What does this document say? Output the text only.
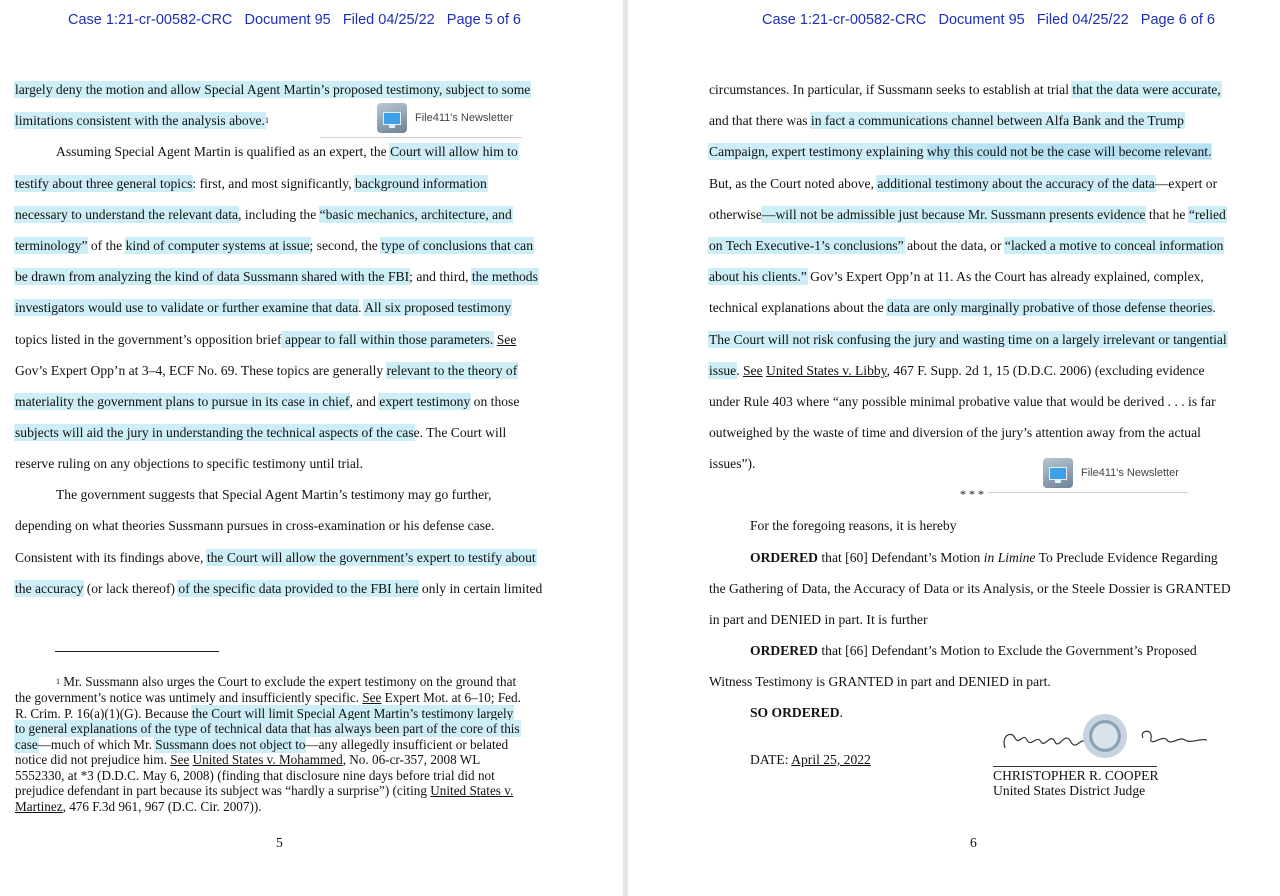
Case 1:21-cr-00582-CRC   Document 95   Filed 04/25/22   Page 5 of 6
largely deny the motion and allow Special Agent Martin’s proposed testimony, subject to some
limitations consistent with the analysis above.$^1$
Assuming Special Agent Martin is qualified as an expert, the Court will allow him to
testify about three general topics: first, and most significantly, background information
necessary to understand the relevant data, including the “basic mechanics, architecture, and
terminology” of the kind of computer systems at issue; second, the type of conclusions that can
be drawn from analyzing the kind of data Sussmann shared with the FBI; and third, the methods
investigators would use to validate or further examine that data. All six proposed testimony
topics listed in the government’s opposition brief appear to fall within those parameters. See
Gov’s Expert Opp’n at 3–4, ECF No. 69. These topics are generally relevant to the theory of
materiality the government plans to pursue in its case in chief, and expert testimony on those
subjects will aid the jury in understanding the technical aspects of the case. The Court will
reserve ruling on any objections to specific testimony until trial.
The government suggests that Special Agent Martin’s testimony may go further,
depending on what theories Sussmann pursues in cross-examination or his defense case.
Consistent with its findings above, the Court will allow the government’s expert to testify about
the accuracy (or lack thereof) of the specific data provided to the FBI here only in certain limited
File411's Newsletter
$^1$ Mr. Sussmann also urges the Court to exclude the expert testimony on the ground that
the government’s notice was untimely and insufficiently specific. See Expert Mot. at 6–10; Fed.
R. Crim. P. 16(a)(1)(G). Because the Court will limit Special Agent Martin’s testimony largely
to general explanations of the type of technical data that has always been part of the core of this
case—much of which Mr. Sussmann does not object to—any allegedly insufficient or belated
notice did not prejudice him. See United States v. Mohammed, No. 06-cr-357, 2008 WL
5552330, at *3 (D.D.C. May 6, 2008) (finding that disclosure nine days before trial did not
prejudice defendant in part because its subject was “hardly a surprise”) (citing United States v.
Martinez, 476 F.3d 961, 967 (D.C. Cir. 2007)).
5
Case 1:21-cr-00582-CRC   Document 95   Filed 04/25/22   Page 6 of 6
circumstances. In particular, if Sussmann seeks to establish at trial that the data were accurate,
and that there was in fact a communications channel between Alfa Bank and the Trump
Campaign, expert testimony explaining why this could not be the case will become relevant.
But, as the Court noted above, additional testimony about the accuracy of the data—expert or
otherwise—will not be admissible just because Mr. Sussmann presents evidence that he “relied
on Tech Executive-1’s conclusions” about the data, or “lacked a motive to conceal information
about his clients.” Gov’s Expert Opp’n at 11. As the Court has already explained, complex,
technical explanations about the data are only marginally probative of those defense theories.
The Court will not risk confusing the jury and wasting time on a largely irrelevant or tangential
issue. See United States v. Libby, 467 F. Supp. 2d 1, 15 (D.D.C. 2006) (excluding evidence
under Rule 403 where “any possible minimal probative value that would be derived . . . is far
outweighed by the waste of time and diversion of the jury’s attention away from the actual
issues”).
File411's Newsletter
* * *
For the foregoing reasons, it is hereby
ORDERED that [60] Defendant’s Motion in Limine To Preclude Evidence Regarding
the Gathering of Data, the Accuracy of Data or its Analysis, or the Steele Dossier is GRANTED
in part and DENIED in part. It is further
ORDERED that [66] Defendant’s Motion to Exclude the Government’s Proposed
Witness Testimony is GRANTED in part and DENIED in part.
SO ORDERED.
DATE: April 25, 2022
CHRISTOPHER R. COOPER
United States District Judge
6
